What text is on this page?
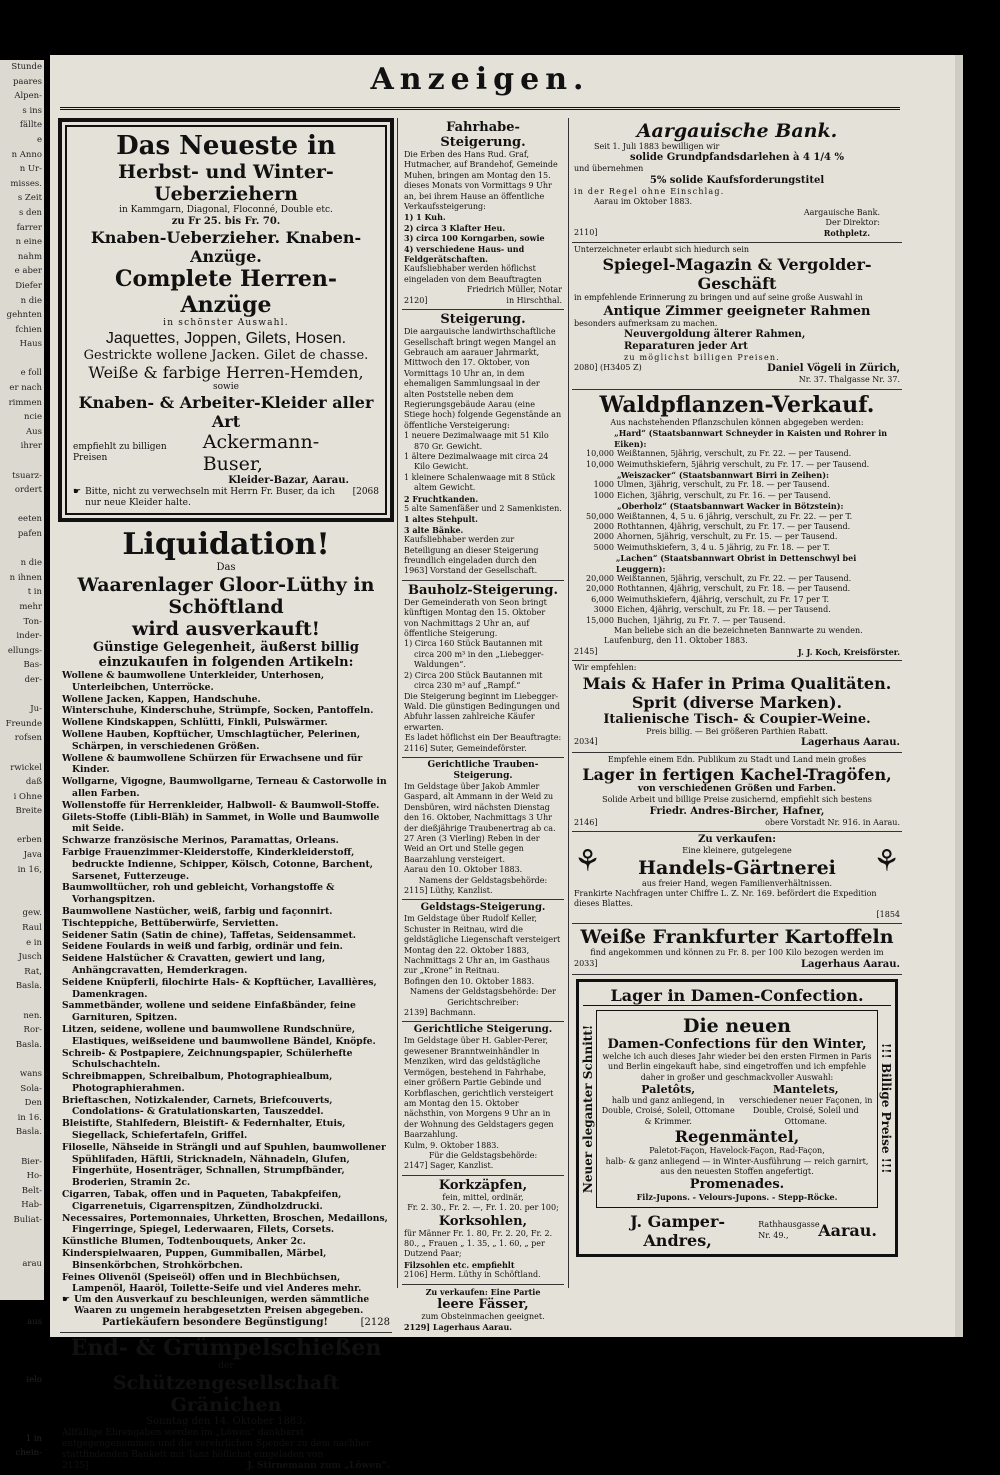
Stunde
paares
Alpen-
s ins
fällte
e
n Anno
n Ur-
misses.
s Zeit
s den
farrer
n eine
nahm
e aber
Diefer
n die
gehnten
fchien
Haus
e foll
er nach
rimmen
ncie
Aus
ihrer
tsuarz-
ordert
eeten
pafen
n die
n ihnen
t in
mehr
Ton-
inder-
ellungs-
Bas-
der-
Ju-
Freunde
rofsen
rwickel
daß
i Ohne
Breite
erben
Java
in 16,
gew.
Raul
e in
Jusch
Rat,
Basla.
nen.
Ror-
Basla.
wans
Sola-
Den
in 16.
Basla.
Bier-
Ho-
Belt-
Hab-
Buliat-
arau
aus
ielo
1 in
chein-
Anzeigen.
Das Neueste in
Herbst- und Winter-Ueberziehern
in Kammgarn, Diagonal, Floconné, Double etc.
zu Fr 25. bis Fr. 70.
Knaben-Ueberzieher. Knaben-Anzüge.
Complete Herren-Anzüge
in schönster Auswahl.
Jaquettes, Joppen, Gilets, Hosen.
Gestrickte wollene Jacken. Gilet de chasse.
Weiße & farbige Herren-Hemden,
sowie
Knaben- & Arbeiter-Kleider aller Art
empfiehlt zu billigen Preisen
Ackermann-Buser,
Kleider-Bazar, Aarau.
☛ Bitte, nicht zu verwechseln mit Herrn Fr. Buser, da ich nur neue Kleider halte.
[2068
Liquidation!
Das
Waarenlager Gloor-Lüthy in Schöftland
wird ausverkauft!
Günstige Gelegenheit, äußerst billig einzukaufen in folgenden Artikeln:
Wollene & baumwollene Unterkleider, Unterhosen, Unterleibchen, Unterröcke.
Wollene Jacken, Kappen, Handschuhe.
Winterschuhe, Kinderschuhe, Strümpfe, Socken, Pantoffeln.
Wollene Kindskappen, Schlütti, Finkli, Pulswärmer.
Wollene Hauben, Kopftücher, Umschlagtücher, Pelerinen, Schärpen, in verschiedenen Größen.
Wollene & baumwollene Schürzen für Erwachsene und für Kinder.
Wollgarne, Vigogne, Baumwollgarne, Terneau & Castorwolle in allen Farben.
Wollenstoffe für Herrenkleider, Halbwoll- & Baumwoll-Stoffe.
Gilets-Stoffe (Libli-Bläh) in Sammet, in Wolle und Baumwolle mit Seide.
Schwarze französische Merinos, Paramattas, Orleans.
Farbige Frauenzimmer-Kleiderstoffe, Kinderkleiderstoff, bedruckte Indienne, Schipper, Kölsch, Cotonne, Barchent, Sarsenet, Futterzeuge.
Baumwolltücher, roh und gebleicht, Vorhangstoffe & Vorhangspitzen.
Baumwollene Nastücher, weiß, farbig und façonnirt.
Tischteppiche, Bettüberwürfe, Servietten.
Seidener Satin (Satin de chine), Taffetas, Seidensammet.
Seidene Foulards in weiß und farbig, ordinär und fein.
Seidene Halstücher & Cravatten, gewiert und lang, Anhängcravatten, Hemderkragen.
Seidene Knüpferli, filochirte Hals- & Kopftücher, Lavallières, Damenkragen.
Sammetbänder, wollene und seidene Einfaßbänder, feine Garnituren, Spitzen.
Litzen, seidene, wollene und baumwollene Rundschnüre, Elastiques, weißseidene und baumwollene Bändel, Knöpfe.
Schreib- & Postpapiere, Zeichnungspapier, Schülerhefte Schulschachteln.
Schreibmappen, Schreibalbum, Photographiealbum, Photographierahmen.
Brieftaschen, Notizkalender, Carnets, Briefcouverts, Condolations- & Gratulationskarten, Tauszeddel.
Bleistifte, Stahlfedern, Bleistift- & Federnhalter, Etuis, Siegellack, Schiefertafeln, Griffel.
Filoselle, Nähseide in Strängli und auf Spuhlen, baumwollener Spühlifaden, Häftli, Stricknadeln, Nähnadeln, Glufen, Fingerhüte, Hosenträger, Schnallen, Strumpfbänder, Broderien, Stramin 2c.
Cigarren, Tabak, offen und in Paqueten, Tabakpfeifen, Cigarrenetuis, Cigarrenspitzen, Zündholzdrucki.
Necessaires, Portemonnaies, Uhrketten, Broschen, Medaillons, Fingerringe, Spiegel, Lederwaaren, Filets, Corsets.
Künstliche Blumen, Todtenbouquets, Anker 2c.
Kinderspielwaaren, Puppen, Gummiballen, Märbel, Binsenkörbchen, Strohkörbchen.
Feines Olivenöl (Speiseöl) offen und in Blechbüchsen, Lampenöl, Haaröl, Toilette-Seife und viel Anderes mehr.
☛ Um den Ausverkauf zu beschleunigen, werden sämmtliche Waaren zu ungemein herabgesetzten Preisen abgegeben.
Partiekäufern besondere Begünstigung!	[2128
End- & Grümpelschießen
der
Schützengesellschaft Gränichen
Sonntag den 14. Oktober 1883.
Allfällige Ehrengaben werden im „Löwen“ dankbarst entgegengenommen und die verehrlichen Spender zu dem nachher stattfindenden Bankett mit Tanz höflichst eingeladen von
2135]	J. Stirnemann zum „Löwen“.
Fahrhabe-Steigerung.
Die Erben des Hans Rud. Graf, Hutmacher, auf Brandehof, Gemeinde Muhen, bringen am Montag den 15. dieses Monats von Vormittags 9 Uhr an, bei ihrem Hause an öffentliche Verkaufssteigerung:
1) 1 Kuh.
2) circa 3 Klafter Heu.
3) circa 100 Korngarben, sowie
4) verschiedene Haus- und Feldgerätschaften.
Kaufsliebhaber werden höflichst eingeladen von dem Beauftragten
Friedrich Müller, Notar
2120]	in Hirschthal.
Steigerung.
Die aargauische landwirthschaftliche Gesellschaft bringt wegen Mangel an Gebrauch am aarauer Jahrmarkt, Mittwoch den 17. Oktober, von Vormittags 10 Uhr an, in dem ehemaligen Sammlungsaal in der alten Poststelle neben dem Regierungsgebäude Aarau (eine Stiege hoch) folgende Gegenstände an öffentliche Versteigerung:
1 neuere Dezimalwaage mit 51 Kilo 870 Gr. Gewicht.
1 ältere Dezimalwaage mit circa 24 Kilo Gewicht.
1 kleinere Schalenwaage mit 8 Stück altem Gewicht.
2 Fruchtkanden.
5 alte Samenfäßer und 2 Samenkisten.
1 altes Stehpult.
3 alte Bänke.
Kaufsliebhaber werden zur Beteiligung an dieser Steigerung freundlich eingeladen durch den
1963] Vorstand der Gesellschaft.
Bauholz-Steigerung.
Der Gemeinderath von Seon bringt künftigen Montag den 15. Oktober von Nachmittags 2 Uhr an, auf öffentliche Steigerung.
1) Circa 160 Stück Bautannen mit circa 200 m³ in den „Liebegger-Waldungen“.
2) Circa 200 Stück Bautannen mit circa 230 m³ auf „Rampf.“
Die Steigerung beginnt im Liebegger-Wald. Die günstigen Bedingungen und Abfuhr lassen zahlreiche Käufer erwarten.
Es ladet höflichst ein Der Beauftragte:
2116] Suter, Gemeindeförster.
Gerichtliche Trauben-Steigerung.
Im Geldstage über Jakob Ammler Gaspard, alt Ammann in der Weid zu Densbüren, wird nächsten Dienstag den 16. Oktober, Nachmittags 3 Uhr der dießjährige Traubenertrag ab ca. 27 Aren (3 Vierling) Reben in der Weid an Ort und Stelle gegen Baarzahlung versteigert.
Aarau den 10. Oktober 1883.
Namens der Geldstagsbehörde:
2115] Lüthy, Kanzlist.
Geldstags-Steigerung.
Im Geldstage über Rudolf Keller, Schuster in Reitnau, wird die geldstägliche Liegenschaft versteigert Montag den 22. Oktober 1883, Nachmittags 2 Uhr an, im Gasthaus zur „Krone“ in Reitnau.
Bofingen den 10. Oktober 1883.
Namens der Geldstagsbehörde: Der Gerichtschreiber:
2139] Bachmann.
Gerichtliche Steigerung.
Im Geldstage über H. Gabler-Perer, gewesener Branntweinhändler in Menziken, wird das geldstägliche Vermögen, bestehend in Fahrhabe, einer größern Partie Gebinde und Korbflaschen, gerichtlich versteigert am Montag den 15. Oktober nächsthin, von Morgens 9 Uhr an in der Wohnung des Geldstagers gegen Baarzahlung.
Kulm, 9. Oktober 1883.
Für die Geldstagsbehörde:
2147] Sager, Kanzlist.
Korkzäpfen,
fein, mittel, ordinär,
Fr. 2. 30., Fr. 2. —, Fr. 1. 20. per 100;
Korksohlen,
für Männer Fr. 1. 80, Fr. 2. 20, Fr. 2. 80., „ Frauen „ 1. 35, „ 1. 60, „ per Dutzend Paar;
Filzsohlen etc. empfiehlt
2106] Herm. Lüthy in Schöftland.
Zu verkaufen: Eine Partie
leere Fässer,
zum Obsteinmachen geeignet.
2129] Lagerhaus Aarau.
Aargauische Bank.
Seit 1. Juli 1883 bewilligen wir
solide Grundpfandsdarlehen à 4 1/4 %
und übernehmen
5% solide Kaufsforderungstitel
in der Regel ohne Einschlag.
Aarau im Oktober 1883.
Aargauische Bank.
Der Direktor:
2110]	Rothpletz.
Unterzeichneter erlaubt sich hiedurch sein
Spiegel-Magazin & Vergolder-Geschäft
in empfehlende Erinnerung zu bringen und auf seine große Auswahl in
Antique Zimmer geeigneter Rahmen
besonders aufmerksam zu machen.
Neuvergoldung älterer Rahmen,
Reparaturen jeder Art
zu möglichst billigen Preisen.
2080] (H3405 Z)	Daniel Vögeli in Zürich,
Nr. 37. Thalgasse Nr. 37.
Waldpflanzen-Verkauf.
Aus nachstehenden Pflanzschulen können abgegeben werden:
„Hard“ (Staatsbannwart Schneyder in Kaisten und Rohrer in Eiken):
10,000 Weißtannen, 5jährig, verschult, zu Fr. 22. — per Tausend.
10,000 Weimuthskiefern, 5jährig verschult, zu Fr. 17. — per Tausend.
„Weiszacker“ (Staatsbannwart Birri in Zeihen):
1000 Ulmen, 3jährig, verschult, zu Fr. 18. — per Tausend.
1000 Eichen, 3jährig, verschult, zu Fr. 16. — per Tausend.
„Oberholz“ (Staatsbannwart Wacker in Bötzstein):
50,000 Weißtannen, 4, 5 u. 6 jährig, verschult, zu Fr. 22. — per T.
2000 Rothtannen, 4jährig, verschult, zu Fr. 17. — per Tausend.
2000 Ahornen, 5jährig, verschult, zu Fr. 15. — per Tausend.
5000 Weimuthskiefern, 3, 4 u. 5 jährig, zu Fr. 18. — per T.
„Lachen“ (Staatsbannwart Obrist in Dettenschwyl bei Leuggern):
20,000 Weißtannen, 5jährig, verschult, zu Fr. 22. — per Tausend.
20,000 Rothtannen, 4jährig, verschult, zu Fr. 18. — per Tausend.
6,000 Weimuthskiefern, 4jährig, verschult, zu Fr. 17 per T.
3000 Eichen, 4jährig, verschult, zu Fr. 18. — per Tausend.
15,000 Buchen, 1jährig, zu Fr. 7. — per Tausend.
Man beliebe sich an die bezeichneten Bannwarte zu wenden.
Laufenburg, den 11. Oktober 1883.
2145]	J. J. Koch, Kreisförster.
Wir empfehlen:
Mais & Hafer in Prima Qualitäten.
Sprit (diverse Marken).
Italienische Tisch- & Coupier-Weine.
Preis billig. — Bei größeren Parthien Rabatt.
2034]	Lagerhaus Aarau.
Empfehle einem Edn. Publikum zu Stadt und Land mein großes
Lager in fertigen Kachel-Tragöfen,
von verschiedenen Größen und Farben.
Solide Arbeit und billige Preise zusichernd, empfiehlt sich bestens
Friedr. Andres-Bircher, Hafner,
2146]	obere Vorstadt Nr. 916. in Aarau.
Zu verkaufen:
⚘	Eine kleinere, gutgelegene
Handels-Gärtnerei ⚘
aus freier Hand, wegen Familienverhältnissen.
Frankirte Nachfragen unter Chiffre L. Z. Nr. 169. befördert die Expedition dieses Blattes.
[1854
Weiße Frankfurter Kartoffeln
find angekommen und können zu Fr. 8. per 100 Kilo bezogen werden im
2033]	Lagerhaus Aarau.
Lager in Damen-Confection.
Neuer eleganter Schnitt!	Die neuen
Damen-Confections für den Winter,
welche ich auch dieses Jahr wieder bei den ersten Firmen in Paris und Berlin eingekauft habe, sind eingetroffen und ich empfehle daher in großer und geschmackvoller Auswahl:
Paletôts,
halb und ganz anliegend, in Double, Croisé, Soleil, Ottomane & Krimmer.
Mantelets,
verschiedener neuer Façonen, in Double, Croisé, Soleil und Ottomane.
Regenmäntel,
Paletot-Façon, Havelock-Façon, Rad-Façon,
halb- & ganz anliegend — in Winter-Ausführung — reich garnirt, aus den neuesten Stoffen angefertigt.
Promenades.
Filz-Jupons. - Velours-Jupons. - Stepp-Röcke.
!!! Billige Preise !!!
J. Gamper-Andres,
Rathhausgasse Nr. 49.,	Aarau.
